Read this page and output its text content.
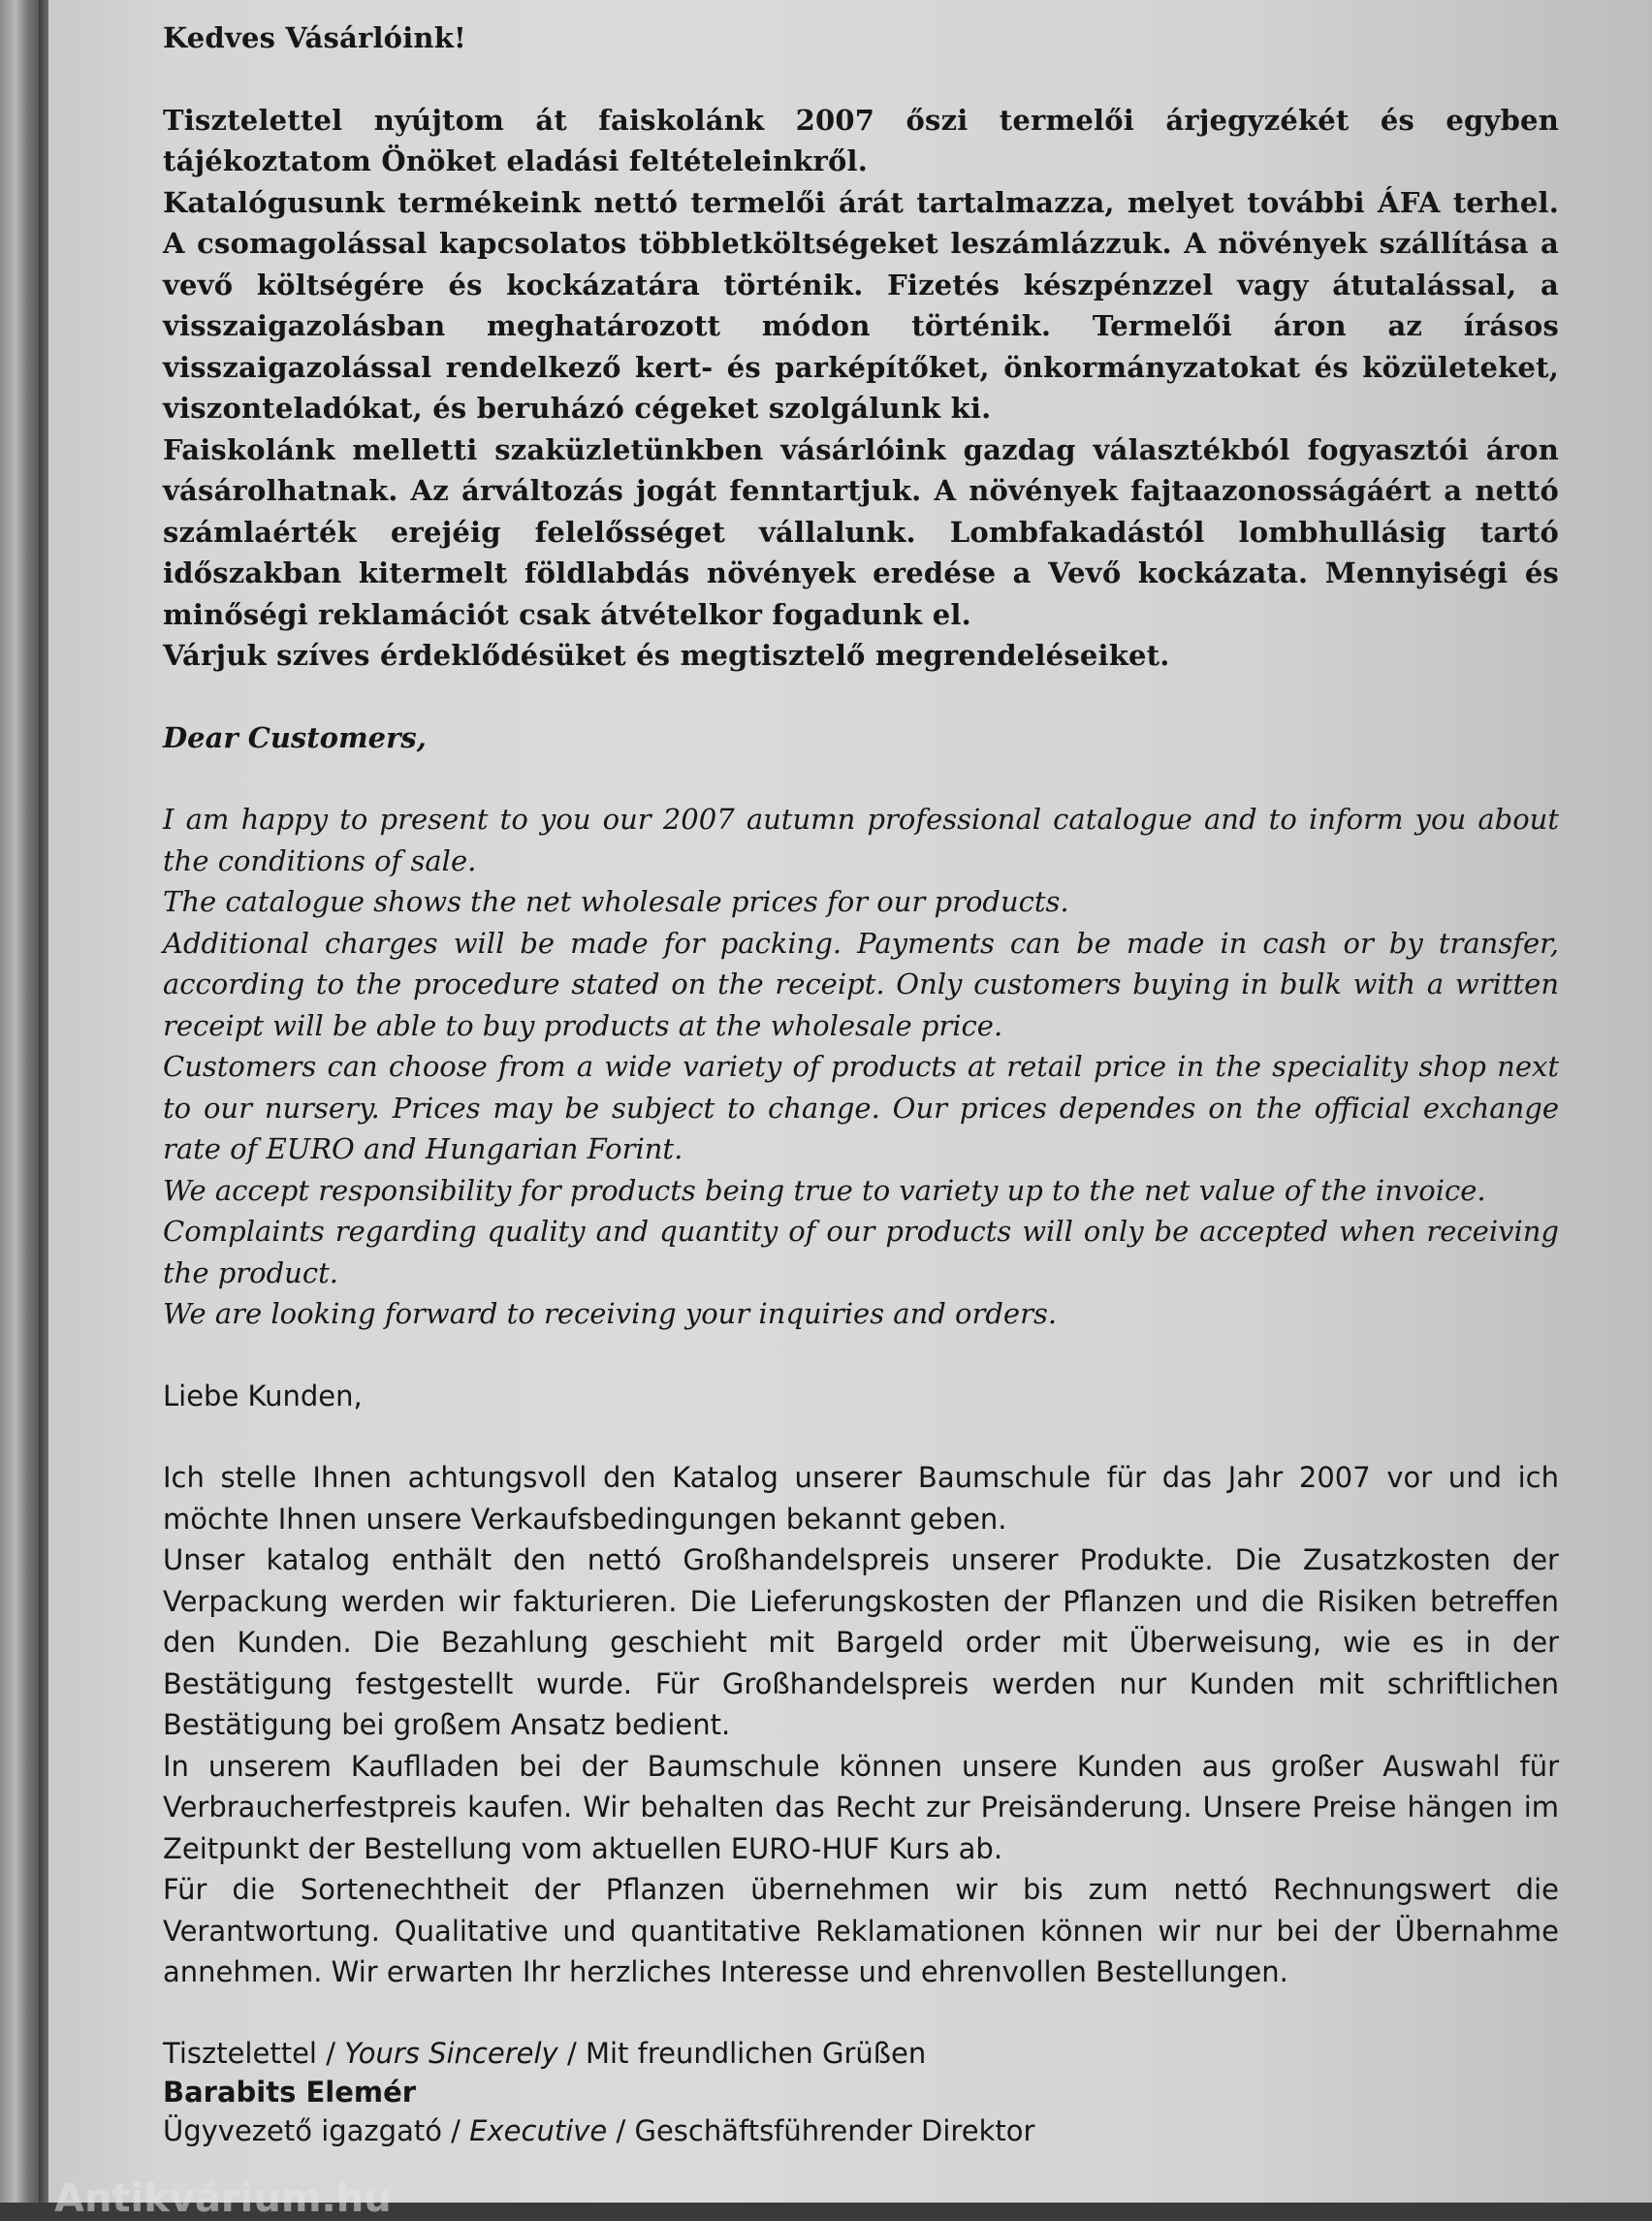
Kedves Vásárlóink!

Tisztelettel nyújtom át faiskolánk 2007 őszi termelői árjegyzékét és egyben tájékoztatom Önöket eladási feltételeinkről.

Katalógusunk termékeink nettó termelői árát tartalmazza, melyet további ÁFA terhel. A csomagolással kapcsolatos többletköltségeket leszámlázzuk. A növények szállítása a vevő költségére és kockázatára történik. Fizetés készpénzzel vagy átutalással, a visszaigazolásban meghatározott módon történik. Termelői áron az írásos visszaigazolással rendelkező kert- és parképítőket, önkormányzatokat és közületeket, viszonteladókat, és beruházó cégeket szolgálunk ki.

Faiskolánk melletti szaküzletünkben vásárlóink gazdag választékból fogyasztói áron vásárolhatnak. Az árváltozás jogát fenntartjuk. A növények fajtaazonosságáért a nettó számlaérték erejéig felelősséget vállalunk. Lombfakadástól lombhullásig tartó időszakban kitermelt földlabdás növények eredése a Vevő kockázata. Mennyiségi és minőségi reklamációt csak átvételkor fogadunk el.

Várjuk szíves érdeklődésüket és megtisztelő megrendeléseiket.

Dear Customers,

I am happy to present to you our 2007 autumn professional catalogue and to inform you about the conditions of sale.

The catalogue shows the net wholesale prices for our products.

Additional charges will be made for packing. Payments can be made in cash or by transfer, according to the procedure stated on the receipt. Only customers buying in bulk with a written receipt will be able to buy products at the wholesale price.

Customers can choose from a wide variety of products at retail price in the speciality shop next to our nursery. Prices may be subject to change. Our prices dependes on the official exchange rate of EURO and Hungarian Forint.

We accept responsibility for products being true to variety up to the net value of the invoice.

Complaints regarding quality and quantity of our products will only be accepted when receiving the product.

We are looking forward to receiving your inquiries and orders.

Liebe Kunden,

Ich stelle Ihnen achtungsvoll den Katalog unserer Baumschule für das Jahr 2007 vor und ich möchte Ihnen unsere Verkaufsbedingungen bekannt geben.

Unser katalog enthält den nettó Großhandelspreis unserer Produkte. Die Zusatzkosten der Verpackung werden wir fakturieren. Die Lieferungskosten der Pflanzen und die Risiken betreffen den Kunden. Die Bezahlung geschieht mit Bargeld order mit Überweisung, wie es in der Bestätigung festgestellt wurde. Für Großhandelspreis werden nur Kunden mit schriftlichen Bestätigung bei großem Ansatz bedient.

In unserem Kauflladen bei der Baumschule können unsere Kunden aus großer Auswahl für Verbraucherfestpreis kaufen. Wir behalten das Recht zur Preisänderung. Unsere Preise hängen im Zeitpunkt der Bestellung vom aktuellen EURO-HUF Kurs ab.

Für die Sortenechtheit der Pflanzen übernehmen wir bis zum nettó Rechnungswert die Verantwortung. Qualitative und quantitative Reklamationen können wir nur bei der Übernahme annehmen. Wir erwarten Ihr herzliches Interesse und ehrenvollen Bestellungen.

Tisztelettel / Yours Sincerely / Mit freundlichen Grüßen
Barabits Elemér
Ügyvezető igazgató / Executive / Geschäftsführender Direktor
Antikvárium.hu
